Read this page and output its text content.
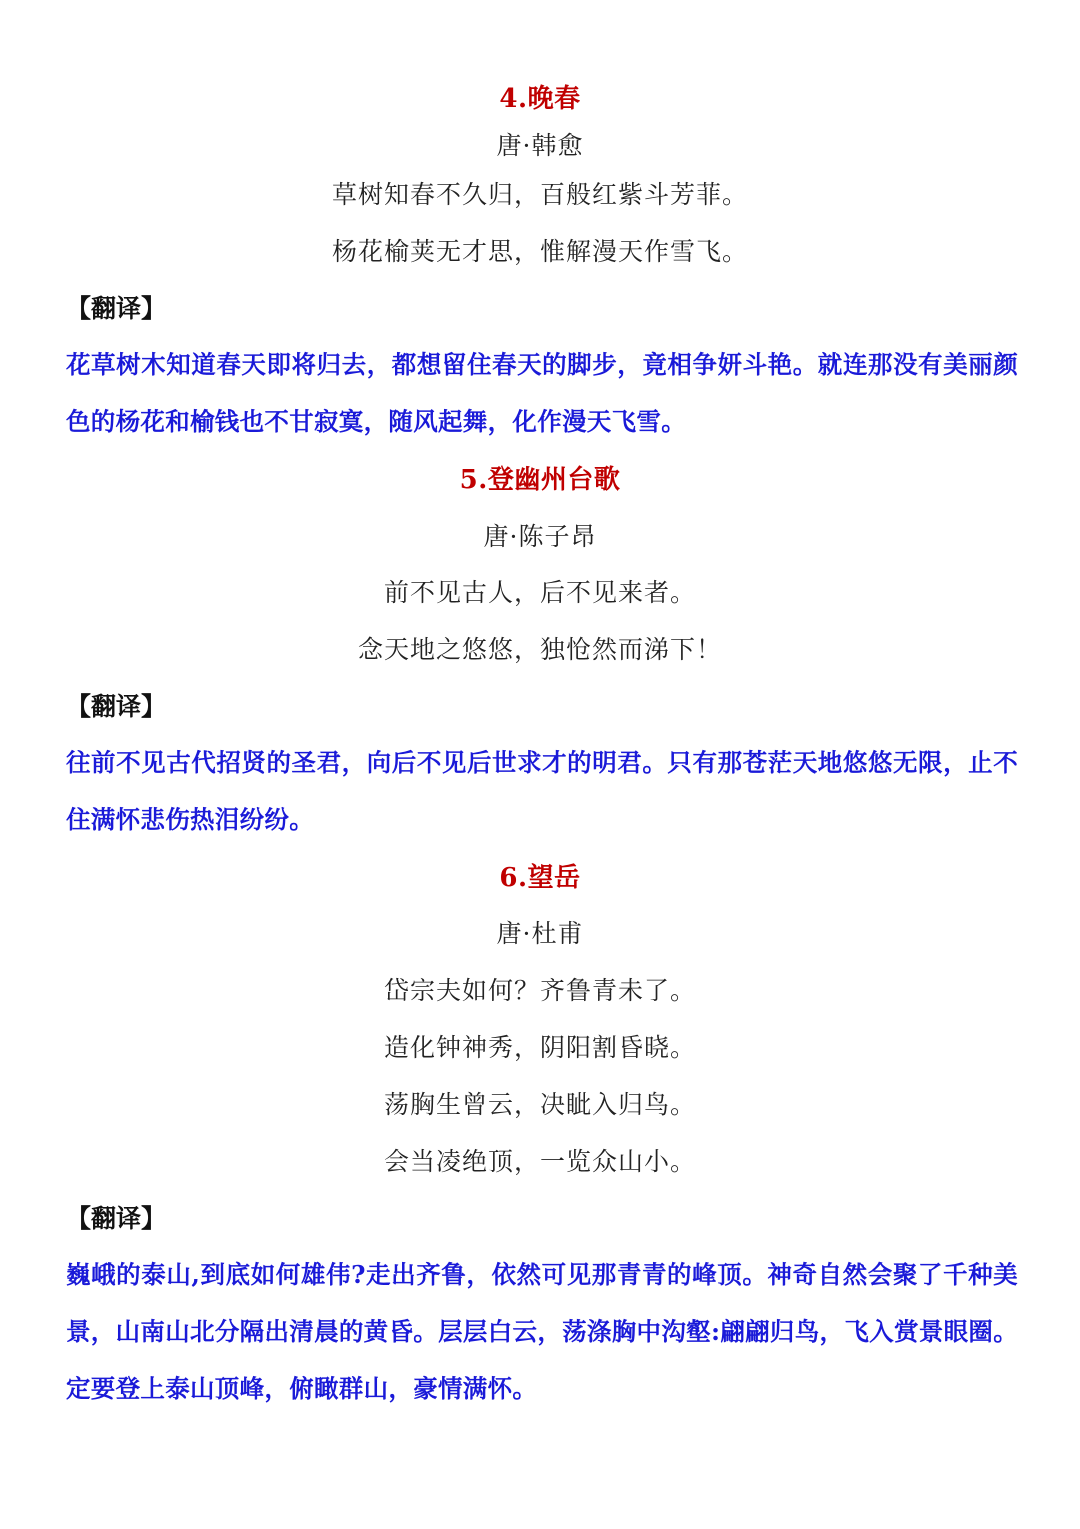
4.晚春
唐·韩愈
草树知春不久归，百般红紫斗芳菲。
杨花榆荚无才思，惟解漫天作雪飞。
【翻译】
花草树木知道春天即将归去，都想留住春天的脚步，竟相争妍斗艳。就连那没有美丽颜色的杨花和榆钱也不甘寂寞，随风起舞，化作漫天飞雪。
5.登幽州台歌
唐·陈子昂
前不见古人，后不见来者。
念天地之悠悠，独怆然而涕下！
【翻译】
往前不见古代招贤的圣君，向后不见后世求才的明君。只有那苍茫天地悠悠无限，止不住满怀悲伤热泪纷纷。
6.望岳
唐·杜甫
岱宗夫如何？齐鲁青未了。
造化钟神秀，阴阳割昏晓。
荡胸生曾云，决眦入归鸟。
会当凌绝顶，一览众山小。
【翻译】
巍峨的泰山,到底如何雄伟?走出齐鲁，依然可见那青青的峰顶。神奇自然会聚了千种美景，山南山北分隔出清晨的黄昏。层层白云，荡涤胸中沟壑:翩翩归鸟，飞入赏景眼圈。定要登上泰山顶峰，俯瞰群山，豪情满怀。
